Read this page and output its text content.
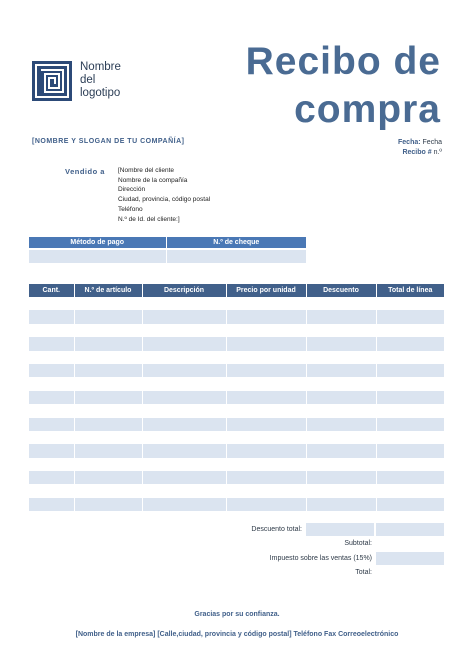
Nombre
del
logotipo
Recibo de
compra
[NOMBRE Y SLOGAN DE TU COMPAÑÍA]	Fecha: Fecha
Recibo # n.º
Vendido a [Nombre del cliente
Nombre de la compañía
Dirección
Ciudad, provincia, código postal
Teléfono
N.º de Id. del cliente:]
Método de pago	N.º de cheque

Cant.	N.º de artículo	Descripción	Precio por unidad	Descuento	Total de línea

Descuento total:
Subtotal:
Impuesto sobre las ventas (15%)
Total:
Gracias por su confianza.
[Nombre de la empresa] [Calle,ciudad, provincia y código postal] Teléfono Fax Correoelectrónico
